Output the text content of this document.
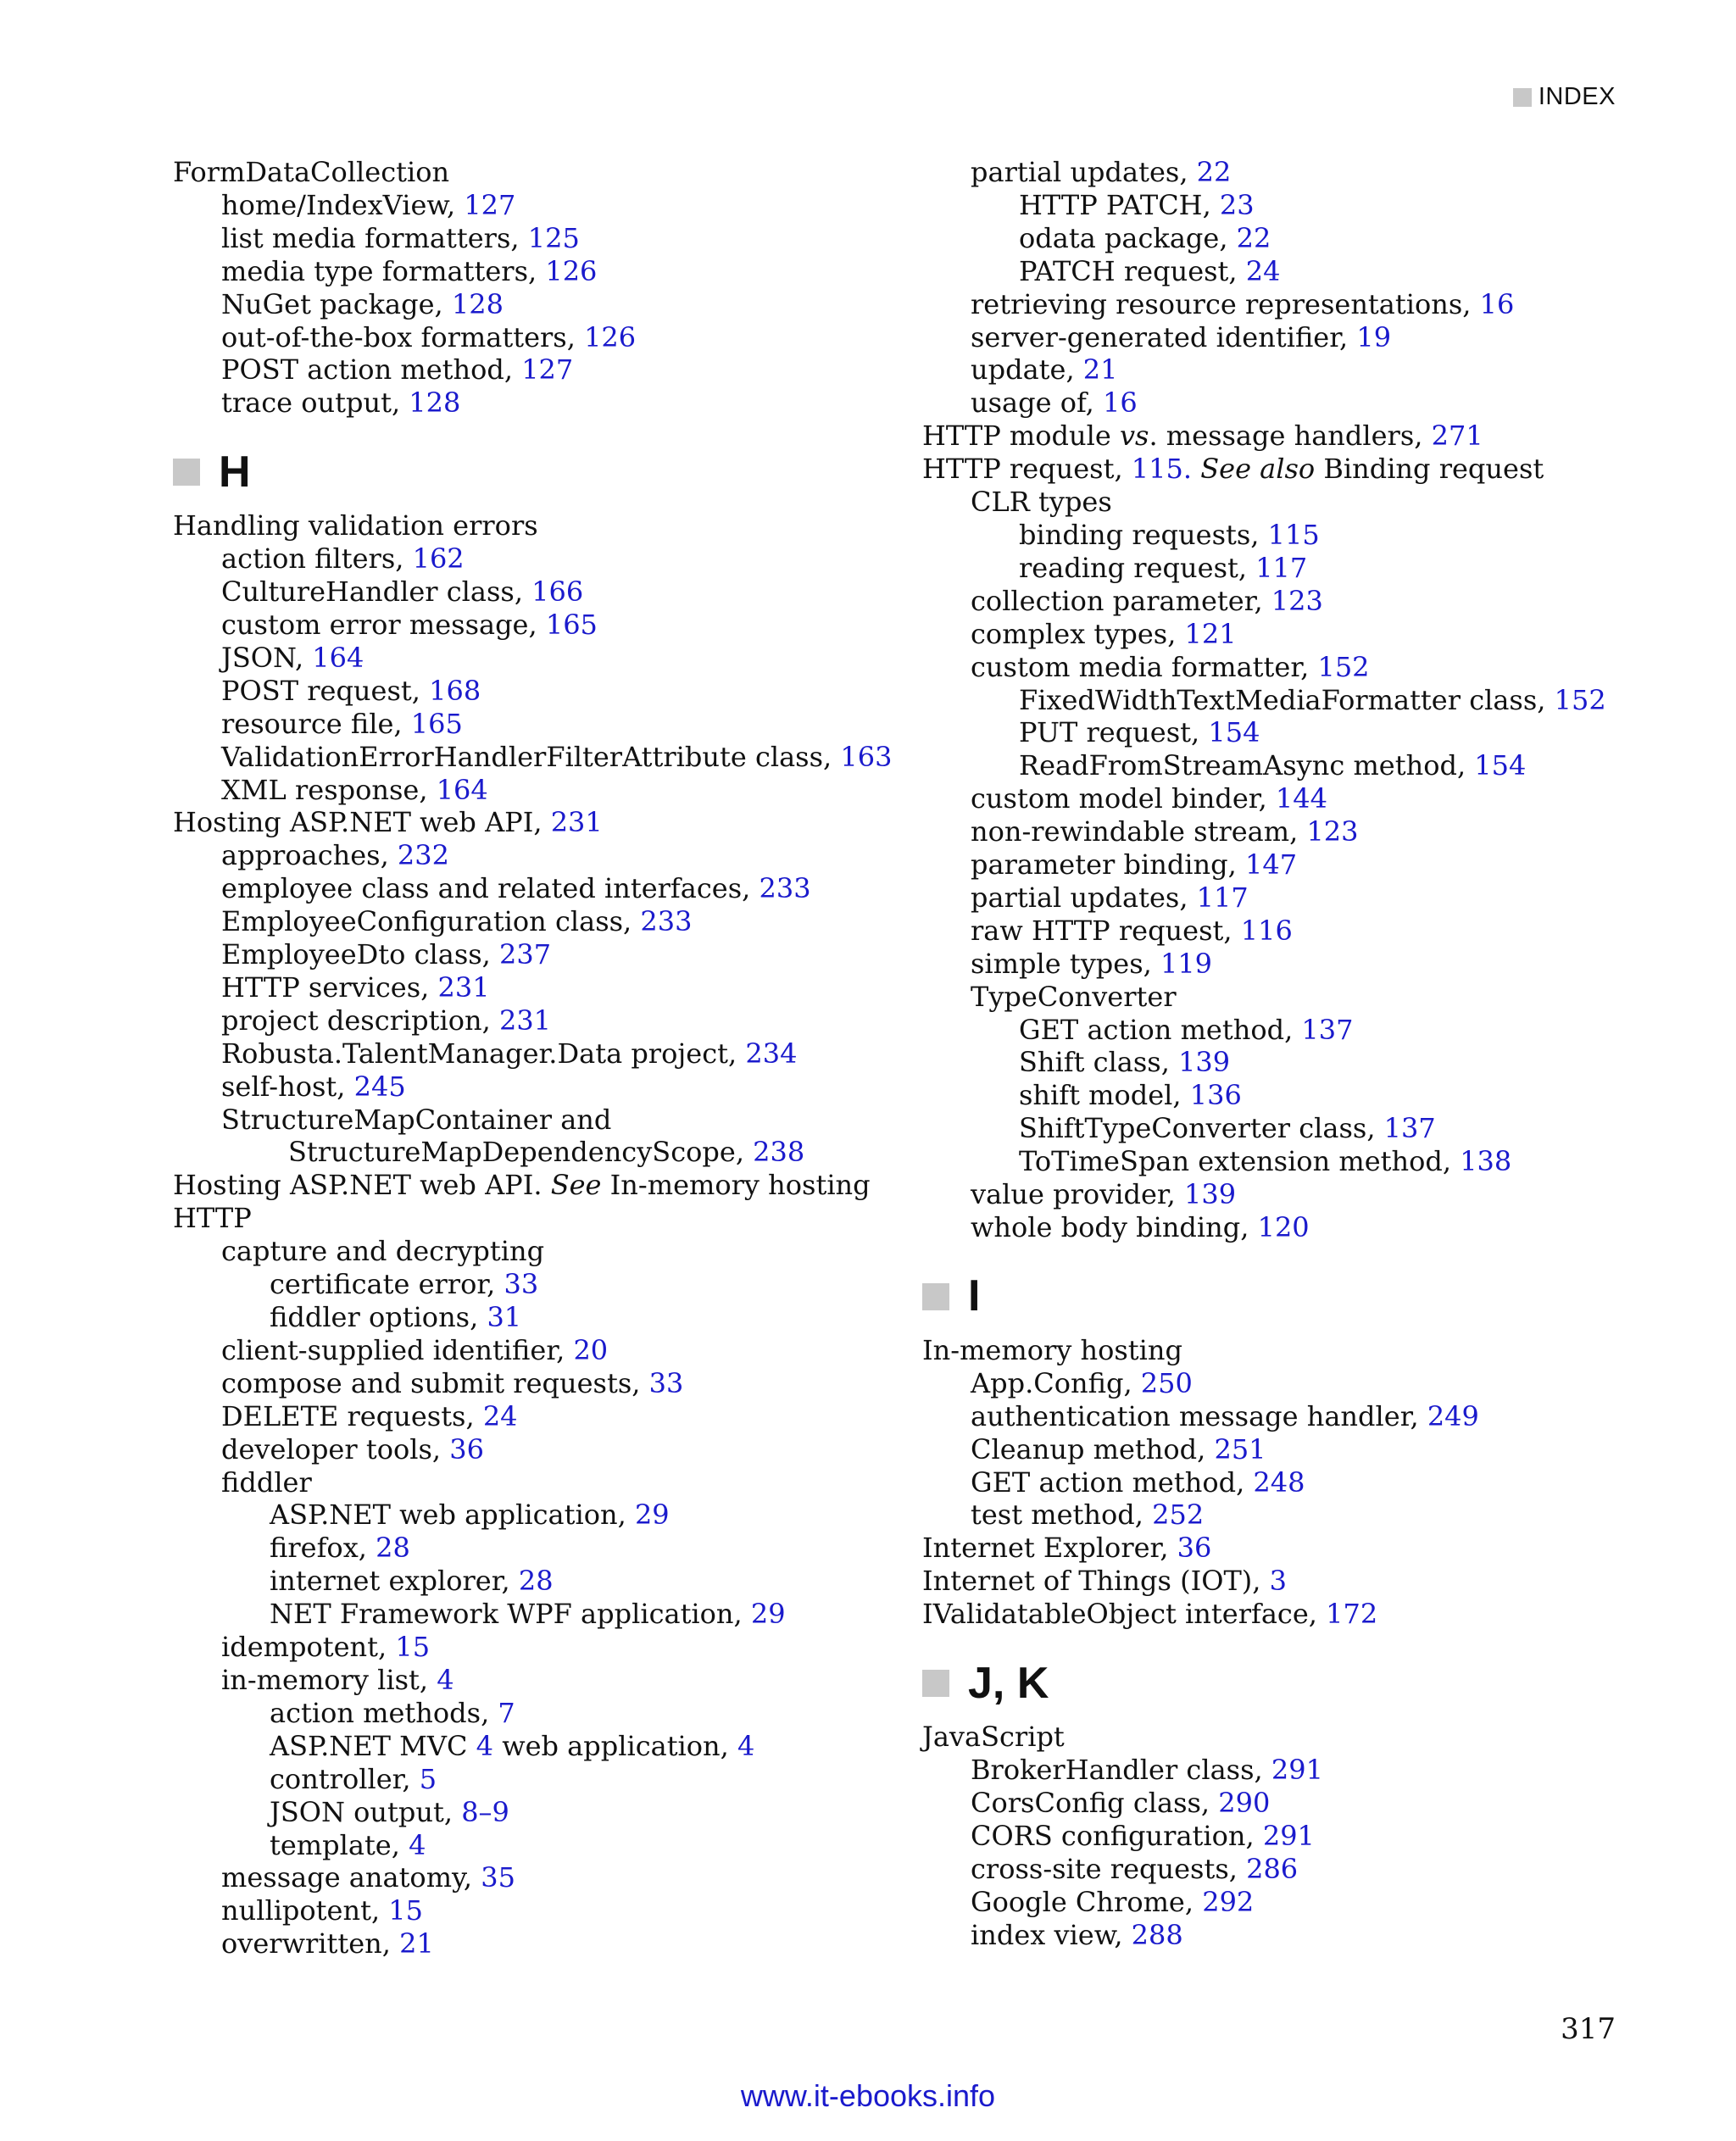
INDEX
FormDataCollection
home/IndexView, 127
list media formatters, 125
media type formatters, 126
NuGet package, 128
out-of-the-box formatters, 126
POST action method, 127
trace output, 128
H
Handling validation errors
action filters, 162
CultureHandler class, 166
custom error message, 165
JSON, 164
POST request, 168
resource file, 165
ValidationErrorHandlerFilterAttribute class, 163
XML response, 164
Hosting ASP.NET web API, 231
approaches, 232
employee class and related interfaces, 233
EmployeeConfiguration class, 233
EmployeeDto class, 237
HTTP services, 231
project description, 231
Robusta.TalentManager.Data project, 234
self-host, 245
StructureMapContainer and
StructureMapDependencyScope, 238
Hosting ASP.NET web API. See In-memory hosting
HTTP
capture and decrypting
certificate error, 33
fiddler options, 31
client-supplied identifier, 20
compose and submit requests, 33
DELETE requests, 24
developer tools, 36
fiddler
ASP.NET web application, 29
firefox, 28
internet explorer, 28
NET Framework WPF application, 29
idempotent, 15
in-memory list, 4
action methods, 7
ASP.NET MVC 4 web application, 4
controller, 5
JSON output, 8–9
template, 4
message anatomy, 35
nullipotent, 15
overwritten, 21
partial updates, 22
HTTP PATCH, 23
odata package, 22
PATCH request, 24
retrieving resource representations, 16
server-generated identifier, 19
update, 21
usage of, 16
HTTP module vs. message handlers, 271
HTTP request, 115. See also Binding request
CLR types
binding requests, 115
reading request, 117
collection parameter, 123
complex types, 121
custom media formatter, 152
FixedWidthTextMediaFormatter class, 152
PUT request, 154
ReadFromStreamAsync method, 154
custom model binder, 144
non-rewindable stream, 123
parameter binding, 147
partial updates, 117
raw HTTP request, 116
simple types, 119
TypeConverter
GET action method, 137
Shift class, 139
shift model, 136
ShiftTypeConverter class, 137
ToTimeSpan extension method, 138
value provider, 139
whole body binding, 120
I
In-memory hosting
App.Config, 250
authentication message handler, 249
Cleanup method, 251
GET action method, 248
test method, 252
Internet Explorer, 36
Internet of Things (IOT), 3
IValidatableObject interface, 172
J, K
JavaScript
BrokerHandler class, 291
CorsConfig class, 290
CORS configuration, 291
cross-site requests, 286
Google Chrome, 292
index view, 288
317
www.it-ebooks.info
